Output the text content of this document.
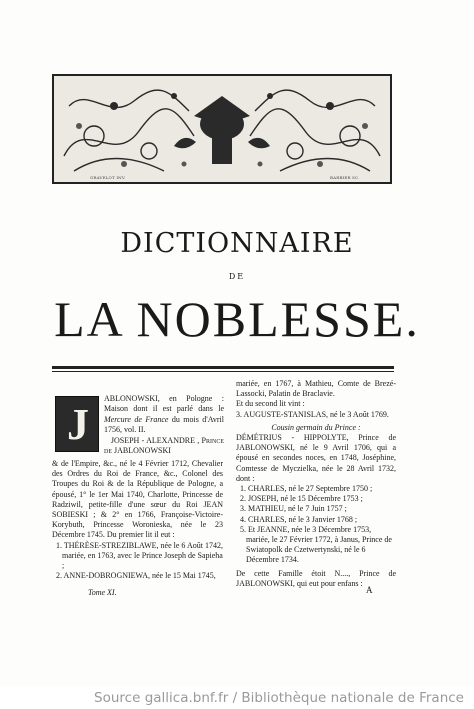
GRAVELOT INV.	BARBIER SC.
DICTIONNAIRE
DE
LA NOBLESSE.
J
ABLONOWSKI, en Pologne : Maison dont il est parlé dans le Mercure de France du mois d'Avril 1756, vol. II.
JOSEPH - ALEXANDRE , Prince de JABLONOWSKI

& de l'Empire, &c., né le 4 Février 1712, Chevalier des Ordres du Roi de France, &c., Colonel des Troupes du Roi & de la République de Pologne, a épousé, 1° le 1er Mai 1740, Charlotte, Princesse de Radziwil, petite-fille d'une sœur du Roi JEAN SOBIESKI ; & 2° en 1766, Françoise-Victoire-Korybuth, Princesse Woronieska, née le 23 Décembre 1745. Du premier lit il eut :

1. THÉRÈSE-STREZIBLAWE, née le 6 Août 1742, mariée, en 1763, avec le Prince Joseph de Sapieha ;
2. ANNE-DOBROGNIEWA, née le 15 Mai 1745,
Tome XI.

mariée, en 1767, à Mathieu, Comte de Brezé-Lassocki, Palatin de Braclavie.

Et du second lit vint :

3. AUGUSTE-STANISLAS, né le 3 Août 1769.

Cousin germain du Prince :

DÉMÉTRIUS - HIPPOLYTE, Prince de JABLONOWSKI, né le 9 Avril 1706, qui a épousé en secondes noces, en 1748, Joséphine, Comtesse de Myczielka, née le 28 Avril 1732, dont :

1. CHARLES, né le 27 Septembre 1750 ;
2. JOSEPH, né le 15 Décembre 1753 ;
3. MATHIEU, né le 7 Juin 1757 ;
4. CHARLES, né le 3 Janvier 1768 ;
5. Et JEANNE, née le 3 Décembre 1753, mariée, le 27 Février 1772, à Janus, Prince de Swiatopolk de Czetwertynski, né le 6 Décembre 1734.

De cette Famille étoit N...., Prince de JABLONOWSKI, qui eut pour enfans :

A
Source gallica.bnf.fr / Bibliothèque nationale de France
